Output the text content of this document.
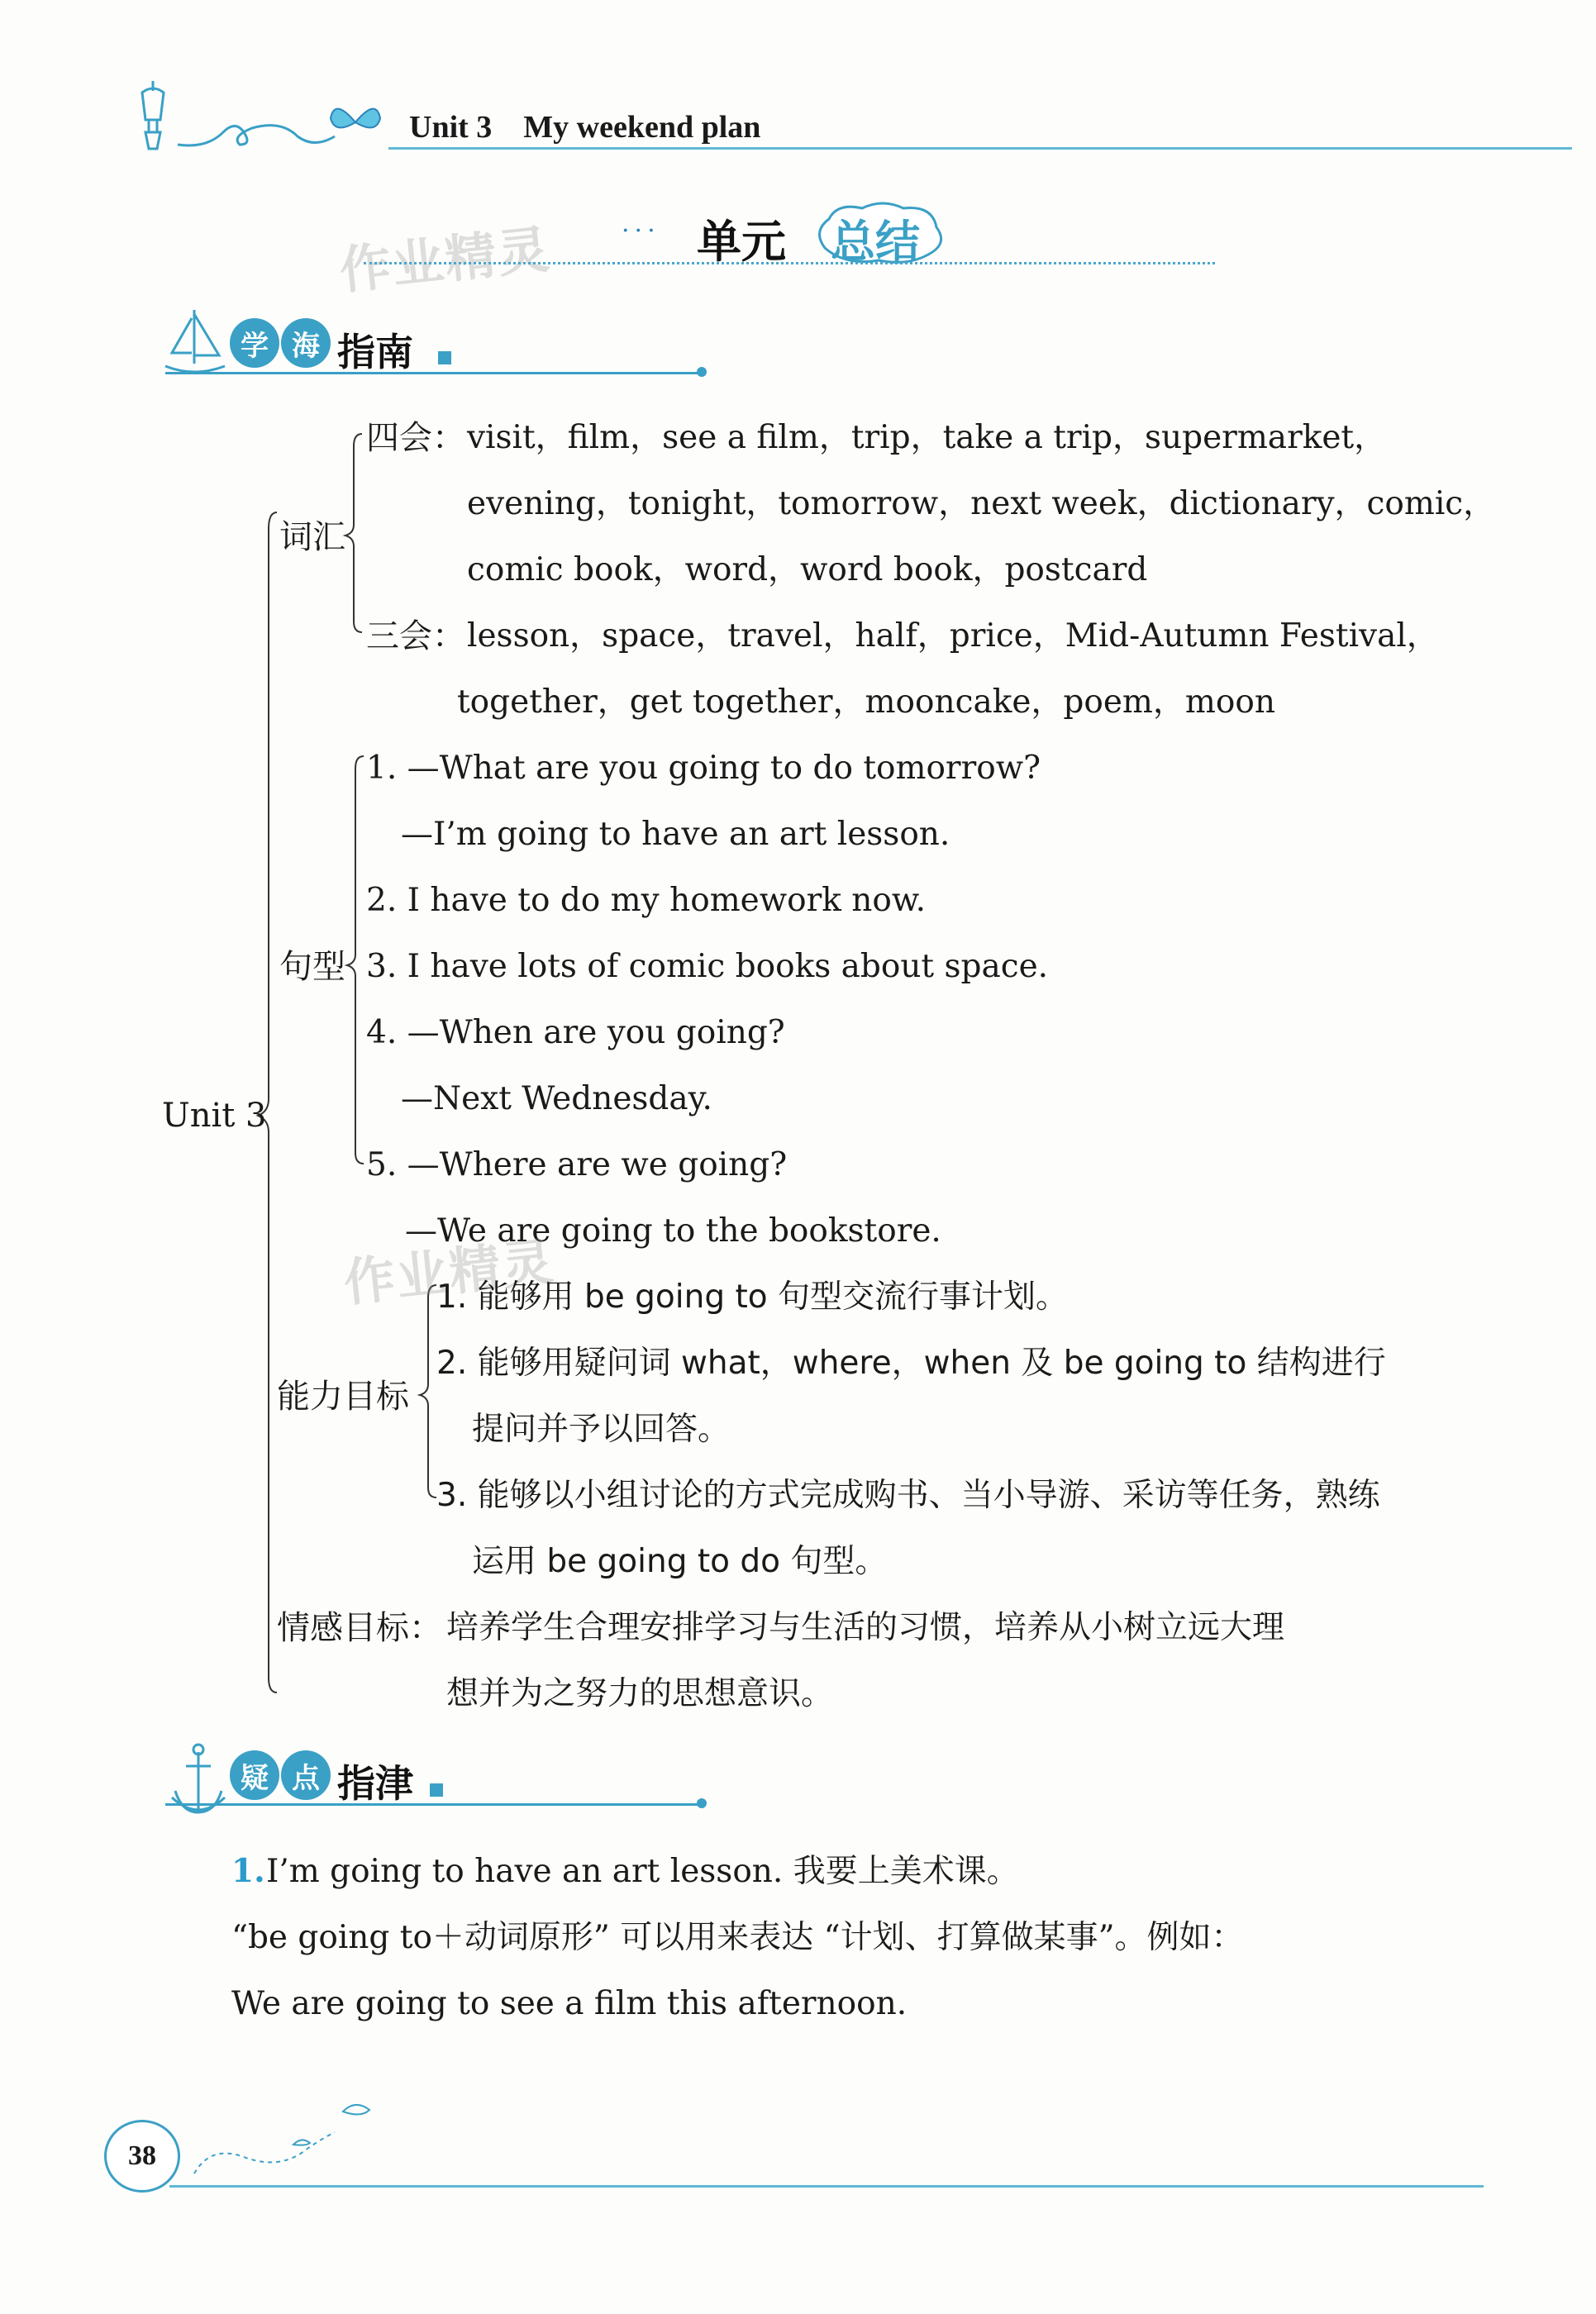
Unit 3 My weekend plan
作业精灵	··· 单元 总结
学 海 指南
Unit 3
词汇
四会： visit，film，see a film，trip，take a trip，supermarket，
evening，tonight，tomorrow，next week，dictionary，comic，
comic book，word，word book，postcard
三会： lesson，space，travel，half，price，Mid-Autumn Festival，
together，get together，mooncake，poem，moon
句型
1. —What are you going to do tomorrow?
—I’m going to have an art lesson.
2. I have to do my homework now.
3. I have lots of comic books about space.
4. —When are you going?
—Next Wednesday.
5. —Where are we going?
—We are going to the bookstore.
作业精灵
能力目标
1. 能够用 be going to 句型交流行事计划。
2. 能够用疑问词 what，where，when 及 be going to 结构进行
提问并予以回答。
3. 能够以小组讨论的方式完成购书、当小导游、采访等任务，熟练
运用 be going to do 句型。
情感目标： 培养学生合理安排学习与生活的习惯，培养从小树立远大理
想并为之努力的思想意识。
疑 点 指津
1. I’m going to have an art lesson. 我要上美术课。
“be going to＋动词原形” 可以用来表达 “计划、打算做某事”。例如：
We are going to see a film this afternoon.
38
